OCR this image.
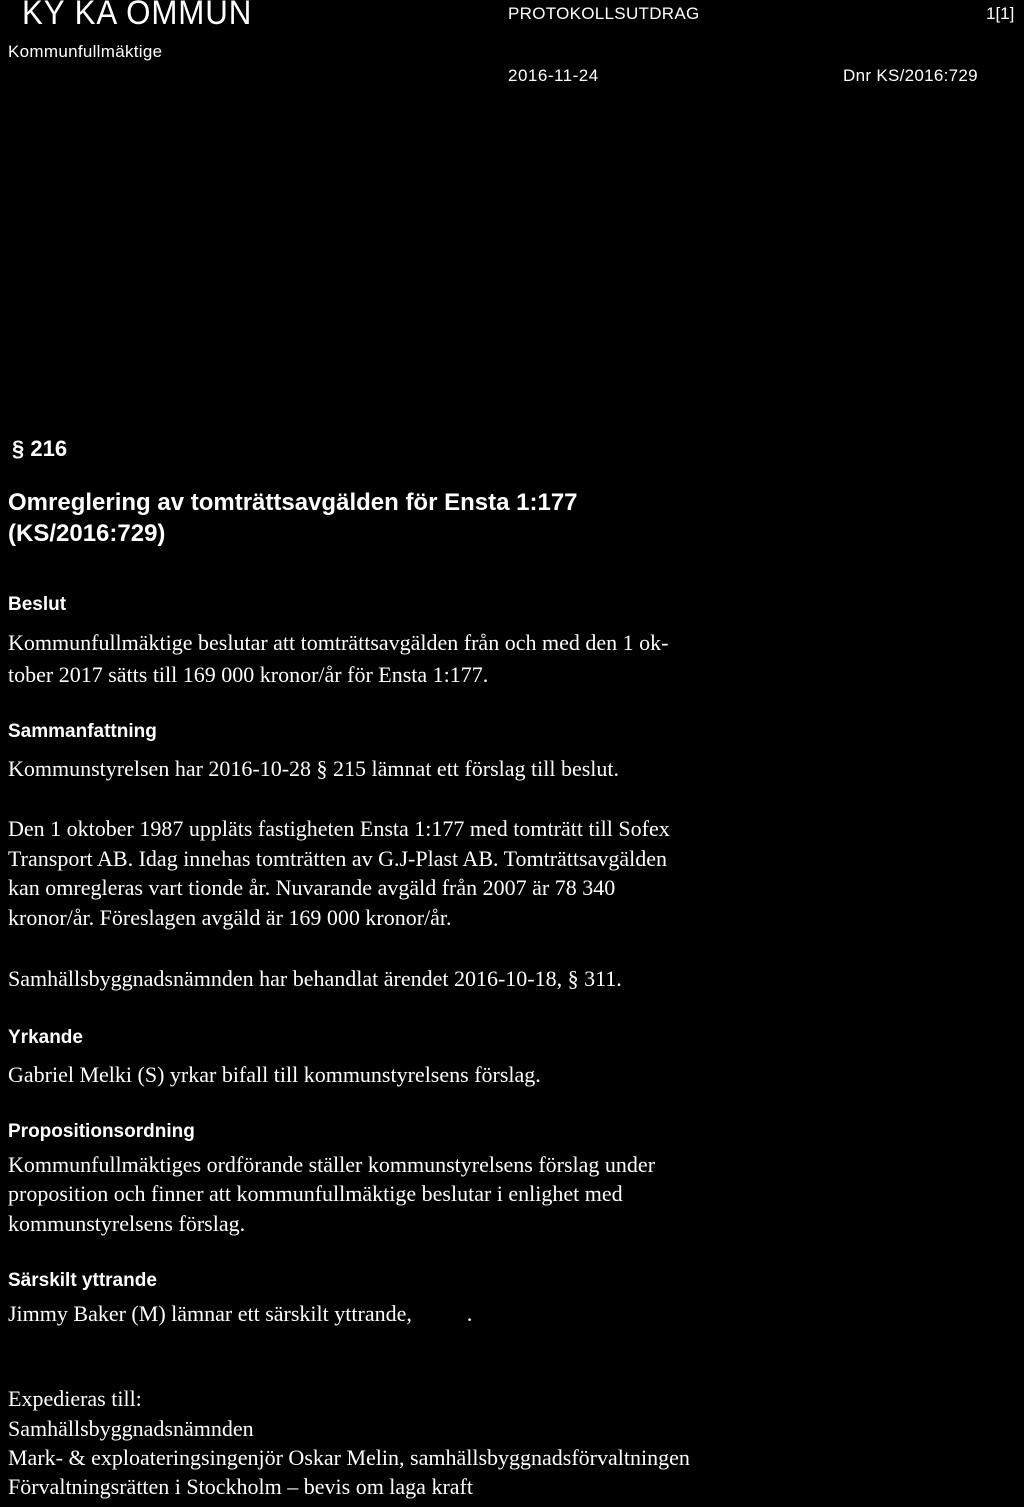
KY KA OMMUN
Kommunfullmäktige
PROTOKOLLSUTDRAG	1[1]
2016-11-24	Dnr KS/2016:729
§ 216
Omreglering av tomträttsavgälden för Ensta 1:177
(KS/2016:729)
Beslut
Kommunfullmäktige beslutar att tomträttsavgälden från och med den 1 ok-
tober 2017 sätts till 169 000 kronor/år för Ensta 1:177.
Sammanfattning
Kommunstyrelsen har 2016-10-28 § 215 lämnat ett förslag till beslut.
Den 1 oktober 1987 uppläts fastigheten Ensta 1:177 med tomträtt till Sofex
Transport AB. Idag innehas tomträtten av G.J-Plast AB. Tomträttsavgälden
kan omregleras vart tionde år. Nuvarande avgäld från 2007 är 78 340
kronor/år. Föreslagen avgäld är 169 000 kronor/år.
Samhällsbyggnadsnämnden har behandlat ärendet 2016-10-18, § 311.
Yrkande
Gabriel Melki (S) yrkar bifall till kommunstyrelsens förslag.
Propositionsordning
Kommunfullmäktiges ordförande ställer kommunstyrelsens förslag under
proposition och finner att kommunfullmäktige beslutar i enlighet med
kommunstyrelsens förslag.
Särskilt yttrande
Jimmy Baker (M) lämnar ett särskilt yttrande,          .
Expedieras till:
Samhällsbyggnadsnämnden
Mark- & exploateringsingenjör Oskar Melin, samhällsbyggnadsförvaltningen
Förvaltningsrätten i Stockholm – bevis om laga kraft
